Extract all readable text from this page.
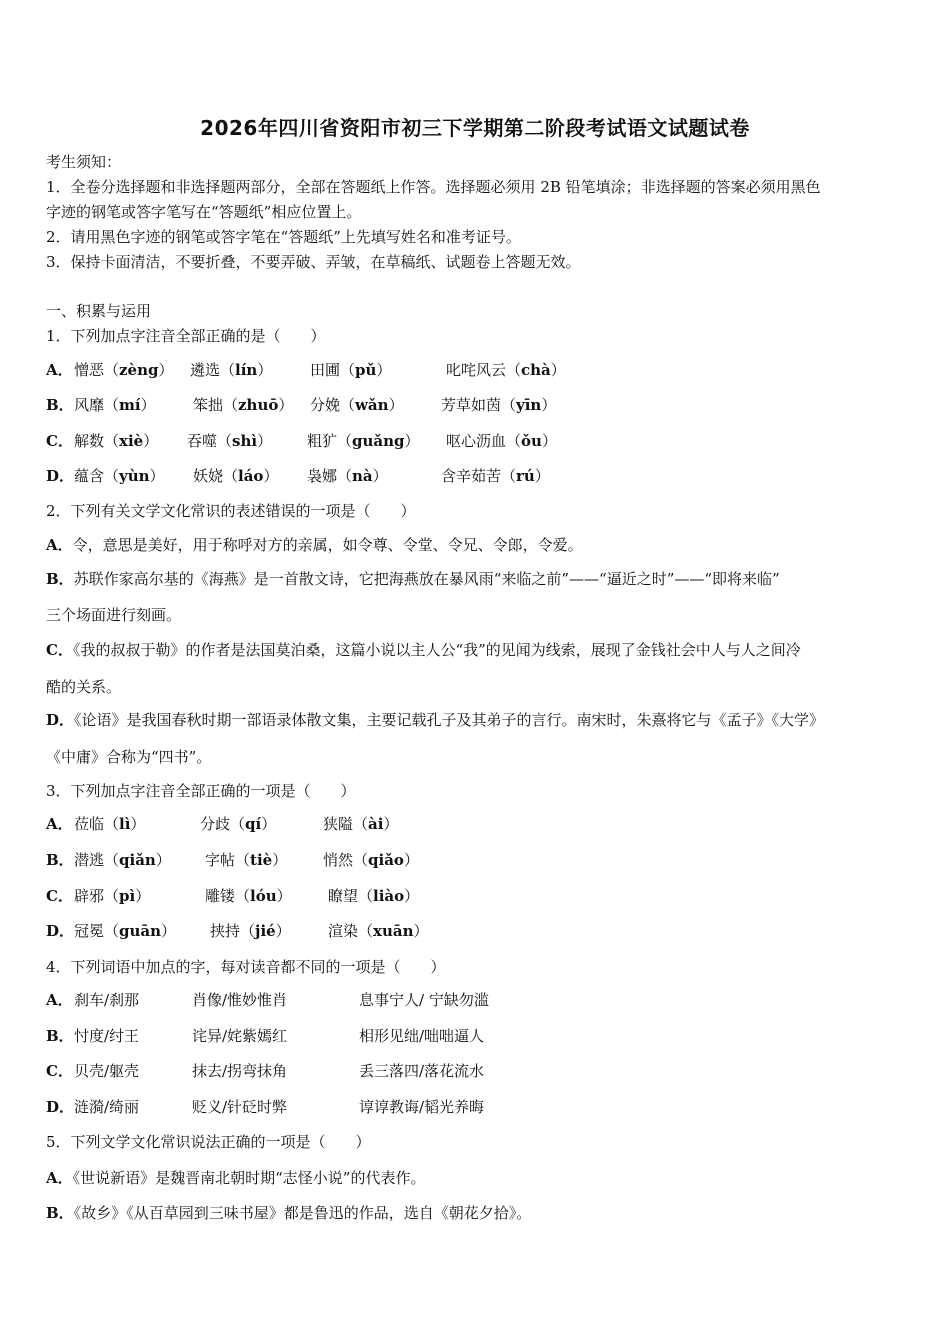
2026年四川省资阳市初三下学期第二阶段考试语文试题试卷
考生须知：
1．全卷分选择题和非选择题两部分，全部在答题纸上作答。选择题必须用 2B 铅笔填涂；非选择题的答案必须用黑色
字迹的钢笔或答字笔写在“答题纸”相应位置上。
2．请用黑色字迹的钢笔或答字笔在“答题纸”上先填写姓名和准考证号。
3．保持卡面清洁，不要折叠，不要弄破、弄皱，在草稿纸、试题卷上答题无效。
一、积累与运用
1．下列加点字注音全部正确的是（　　）
A． 憎恶（zèng） 遴选（lín）	田圃（pǔ）	叱咤风云（chà）
B． 风靡（mí） 笨拙（zhuō） 分娩（wǎn） 芳草如茵（yīn）
C． 解数（xiè） 吞噬（shì） 粗犷（guǎng） 呕心沥血（ǒu）
D． 蕴含（yùn） 妖娆（láo） 袅娜（nà）	含辛茹苦（rú）
2．下列有关文学文化常识的表述错误的一项是（　　）
A．令，意思是美好，用于称呼对方的亲属，如令尊、令堂、令兄、令郎，令爱。
B．苏联作家高尔基的《海燕》是一首散文诗，它把海燕放在暴风雨“来临之前”——“逼近之时”——“即将来临”
三个场面进行刻画。
C．《我的叔叔于勒》的作者是法国莫泊桑，这篇小说以主人公“我”的见闻为线索，展现了金钱社会中人与人之间冷
酷的关系。
D．《论语》是我国春秋时期一部语录体散文集，主要记载孔子及其弟子的言行。南宋时，朱熹将它与《孟子》《大学》
《中庸》合称为“四书”。
3．下列加点字注音全部正确的一项是（　　）
A． 莅临（lì）	分歧（qí）	狭隘（ài）
B． 潜逃（qiǎn） 字帖（tiè） 悄然（qiǎo）
C． 辟邪（pì）	雕镂（lóu） 瞭望（liào）
D． 冠冕（guān） 挟持（jié） 渲染（xuān）
4．下列词语中加点的字，每对读音都不同的一项是（　　）
A． 刹车/刹那	肖像/惟妙惟肖	息事宁人/ 宁缺勿滥
B． 忖度/纣王	诧异/姹紫嫣红	相形见绌/咄咄逼人
C． 贝壳/躯壳	抹去/拐弯抹角	丢三落四/落花流水
D． 涟漪/绮丽	贬义/针砭时弊	谆谆教诲/韬光养晦
5．下列文学文化常识说法正确的一项是（　　）
A．《世说新语》是魏晋南北朝时期“志怪小说”的代表作。
B．《故乡》《从百草园到三味书屋》都是鲁迅的作品，选自《朝花夕拾》。
